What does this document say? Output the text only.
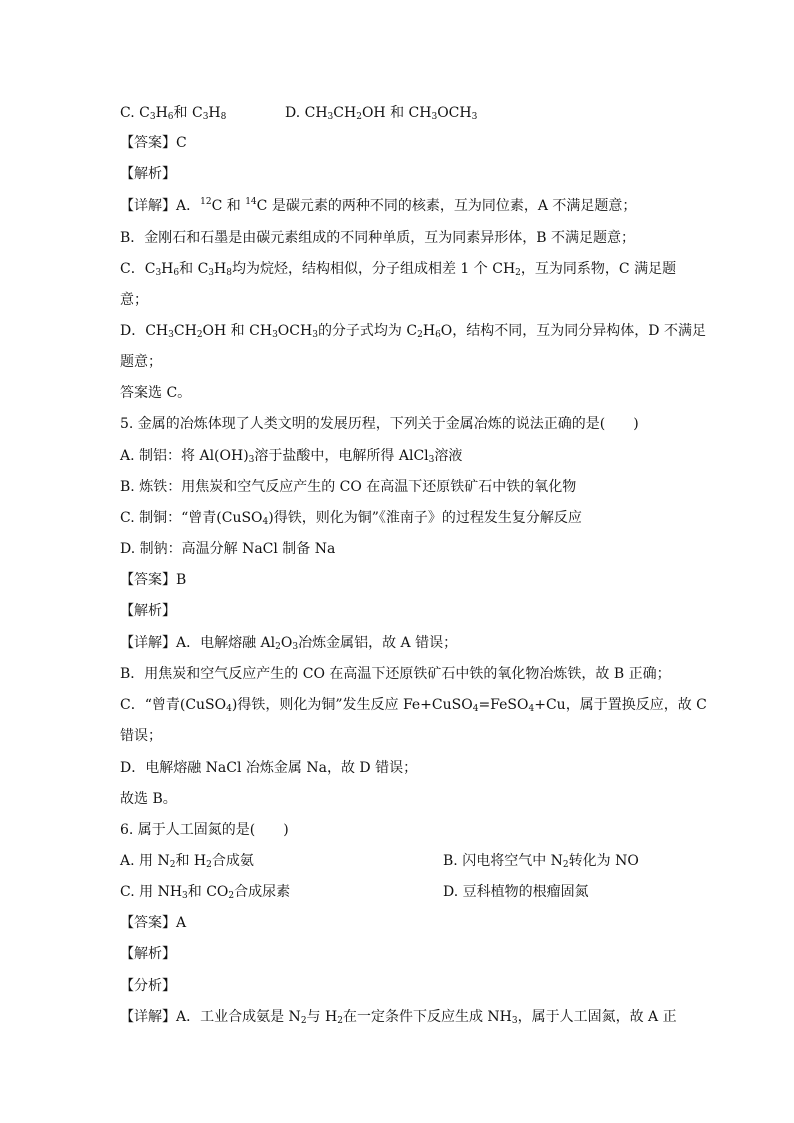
C. $C_3H_6$和 $C_3H_8$	D. $CH_3CH_2OH$ 和 $CH_3OCH_3$
【答案】C
【解析】
【详解】A．$^{12}$C 和 $^{14}$C 是碳元素的两种不同的核素，互为同位素，A 不满足题意；
B．金刚石和石墨是由碳元素组成的不同种单质，互为同素异形体，B 不满足题意；
C．$C_3H_6$和 $C_3H_8$均为烷烃，结构相似，分子组成相差 1 个 $CH_2$，互为同系物，C 满足题
意；
D．$CH_3CH_2OH$ 和 $CH_3OCH_3$的分子式均为 $C_2H_6O$，结构不同，互为同分异构体，D 不满足
题意；
答案选 C。
5. 金属的冶炼体现了人类文明的发展历程，下列关于金属冶炼的说法正确的是(　　)
A. 制铝：将 $Al(OH)_3$溶于盐酸中，电解所得 AlCl$_3$溶液
B. 炼铁：用焦炭和空气反应产生的 CO 在高温下还原铁矿石中铁的氧化物
C. 制铜：“曾青(CuSO$_4$)得铁，则化为铜”《淮南子》的过程发生复分解反应
D. 制钠：高温分解 NaCl 制备 Na
【答案】B
【解析】
【详解】A．电解熔融 $Al_2O_3$冶炼金属铝，故 A 错误；
B．用焦炭和空气反应产生的 CO 在高温下还原铁矿石中铁的氧化物冶炼铁，故 B 正确；
C．“曾青(CuSO$_4$)得铁，则化为铜”发生反应 Fe+CuSO$_4$=FeSO$_4$+Cu，属于置换反应，故 C
错误；
D．电解熔融 NaCl 冶炼金属 Na，故 D 错误；
故选 B。
6. 属于人工固氮的是(　　)
A. 用 $N_2$和 $H_2$合成氨	B. 闪电将空气中 $N_2$转化为 NO
C. 用 $NH_3$和 $CO_2$合成尿素	D. 豆科植物的根瘤固氮
【答案】A
【解析】
【分析】
【详解】A．工业合成氨是 $N_2$与 $H_2$在一定条件下反应生成 $NH_3$，属于人工固氮，故 A 正
